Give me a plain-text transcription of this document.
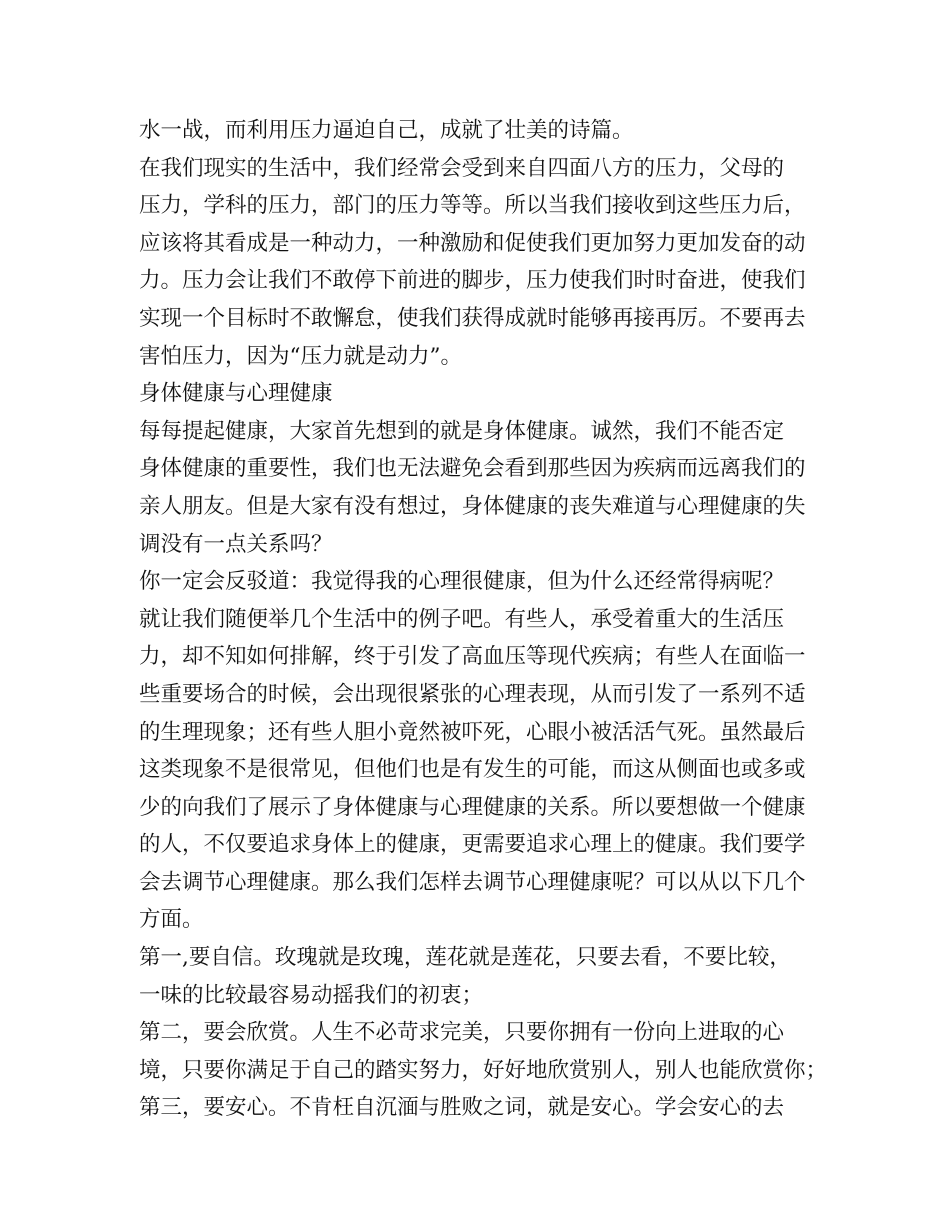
水一战，而利用压力逼迫自己，成就了壮美的诗篇。
在我们现实的生活中，我们经常会受到来自四面八方的压力，父母的
压力，学科的压力，部门的压力等等。所以当我们接收到这些压力后，
应该将其看成是一种动力，一种激励和促使我们更加努力更加发奋的动
力。压力会让我们不敢停下前进的脚步，压力使我们时时奋进，使我们
实现一个目标时不敢懈怠，使我们获得成就时能够再接再厉。不要再去
害怕压力，因为“压力就是动力”。
身体健康与心理健康
每每提起健康，大家首先想到的就是身体健康。诚然，我们不能否定
身体健康的重要性，我们也无法避免会看到那些因为疾病而远离我们的
亲人朋友。但是大家有没有想过，身体健康的丧失难道与心理健康的失
调没有一点关系吗？
你一定会反驳道：我觉得我的心理很健康，但为什么还经常得病呢？
就让我们随便举几个生活中的例子吧。有些人，承受着重大的生活压
力，却不知如何排解，终于引发了高血压等现代疾病；有些人在面临一
些重要场合的时候，会出现很紧张的心理表现，从而引发了一系列不适
的生理现象；还有些人胆小竟然被吓死，心眼小被活活气死。虽然最后
这类现象不是很常见，但他们也是有发生的可能，而这从侧面也或多或
少的向我们了展示了身体健康与心理健康的关系。所以要想做一个健康
的人，不仅要追求身体上的健康，更需要追求心理上的健康。我们要学
会去调节心理健康。那么我们怎样去调节心理健康呢？可以从以下几个
方面。
第一,要自信。玫瑰就是玫瑰，莲花就是莲花，只要去看，不要比较，
一味的比较最容易动摇我们的初衷；
第二，要会欣赏。人生不必苛求完美，只要你拥有一份向上进取的心
境，只要你满足于自己的踏实努力，好好地欣赏别人，别人也能欣赏你；
第三，要安心。不肯枉自沉湎与胜败之词，就是安心。学会安心的去
